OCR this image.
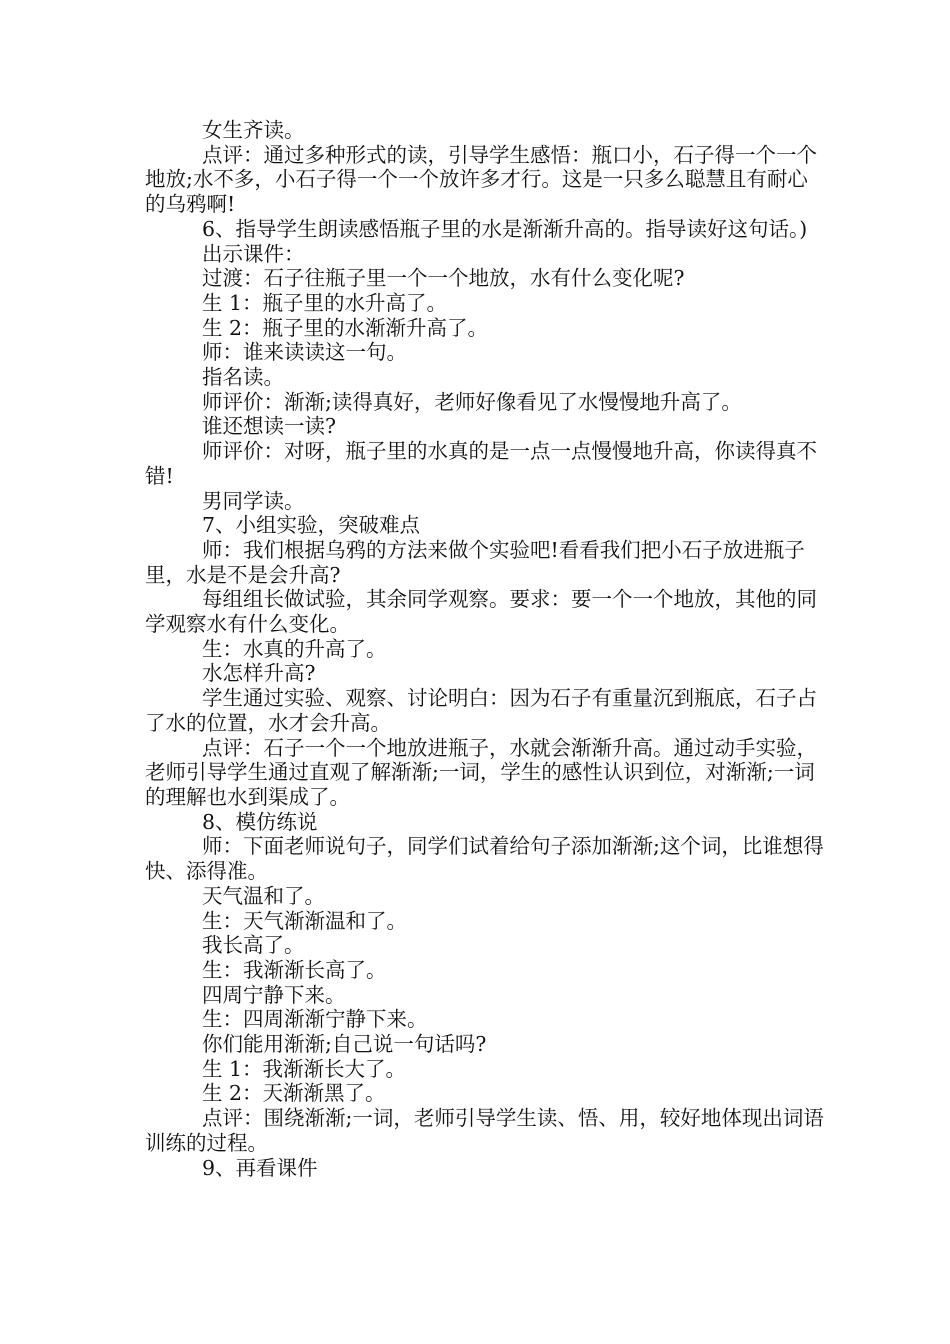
女生齐读。

点评：通过多种形式的读，引导学生感悟：瓶口小，石子得一个一个地放;水不多，小石子得一个一个放许多才行。这是一只多么聪慧且有耐心的乌鸦啊!

6、指导学生朗读感悟瓶子里的水是渐渐升高的。指导读好这句话。)

出示课件：

过渡：石子往瓶子里一个一个地放，水有什么变化呢?

生 1：瓶子里的水升高了。

生 2：瓶子里的水渐渐升高了。

师：谁来读读这一句。

指名读。

师评价：渐渐;读得真好，老师好像看见了水慢慢地升高了。

谁还想读一读?

师评价：对呀，瓶子里的水真的是一点一点慢慢地升高，你读得真不错!

男同学读。

7、小组实验，突破难点

师：我们根据乌鸦的方法来做个实验吧!看看我们把小石子放进瓶子里，水是不是会升高?

每组组长做试验，其余同学观察。要求：要一个一个地放，其他的同学观察水有什么变化。

生：水真的升高了。

水怎样升高?

学生通过实验、观察、讨论明白：因为石子有重量沉到瓶底，石子占了水的位置，水才会升高。

点评：石子一个一个地放进瓶子，水就会渐渐升高。通过动手实验，老师引导学生通过直观了解渐渐;一词，学生的感性认识到位，对渐渐;一词的理解也水到渠成了。

8、模仿练说

师：下面老师说句子，同学们试着给句子添加渐渐;这个词，比谁想得快、添得准。

天气温和了。

生：天气渐渐温和了。

我长高了。

生：我渐渐长高了。

四周宁静下来。

生：四周渐渐宁静下来。

你们能用渐渐;自己说一句话吗?

生 1：我渐渐长大了。

生 2：天渐渐黑了。

点评：围绕渐渐;一词，老师引导学生读、悟、用，较好地体现出词语训练的过程。

9、再看课件
